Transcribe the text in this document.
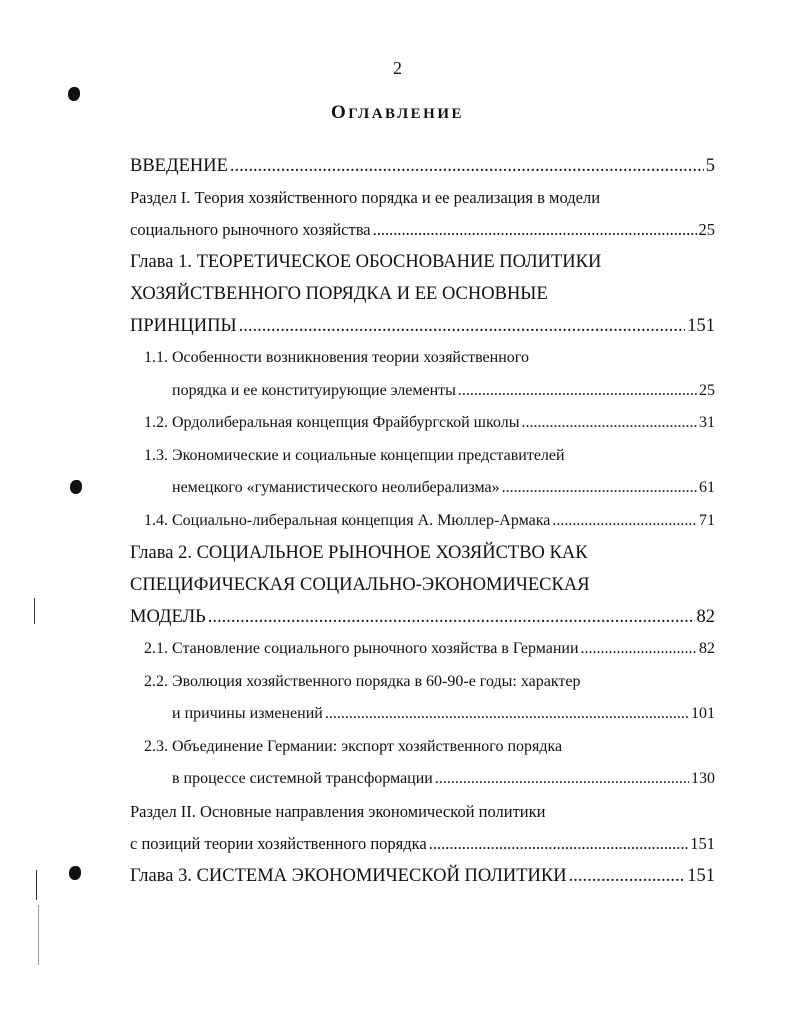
2
ОГЛАВЛЕНИЕ
ВВЕДЕНИЕ .....	5
Раздел I. Теория хозяйственного порядка и ее реализация в модели
социального рыночного хозяйства .....	25
Глава 1. ТЕОРЕТИЧЕСКОЕ ОБОСНОВАНИЕ ПОЛИТИКИ
ХОЗЯЙСТВЕННОГО ПОРЯДКА И ЕЕ ОСНОВНЫЕ
ПРИНЦИПЫ .....	151
1.1. Особенности возникновения теории хозяйственного
порядка и ее конституирующие элементы .....	25
1.2. Ордолиберальная концепция Фрайбургской школы .....	31
1.3. Экономические и социальные концепции представителей
немецкого «гуманистического неолиберализма» .....	61
1.4. Социально-либеральная концепция А. Мюллер-Армака .....	71
Глава 2. СОЦИАЛЬНОЕ РЫНОЧНОЕ ХОЗЯЙСТВО КАК
СПЕЦИФИЧЕСКАЯ СОЦИАЛЬНО-ЭКОНОМИЧЕСКАЯ
МОДЕЛЬ .....	82
2.1. Становление социального рыночного хозяйства в Германии .....	82
2.2. Эволюция хозяйственного порядка в 60-90-е годы: характер
и причины изменений .....	101
2.3. Объединение Германии: экспорт хозяйственного порядка
в процессе системной трансформации .....	130
Раздел II. Основные направления экономической политики
с позиций теории хозяйственного порядка .....	151
Глава 3. СИСТЕМА ЭКОНОМИЧЕСКОЙ ПОЛИТИКИ .....	151
